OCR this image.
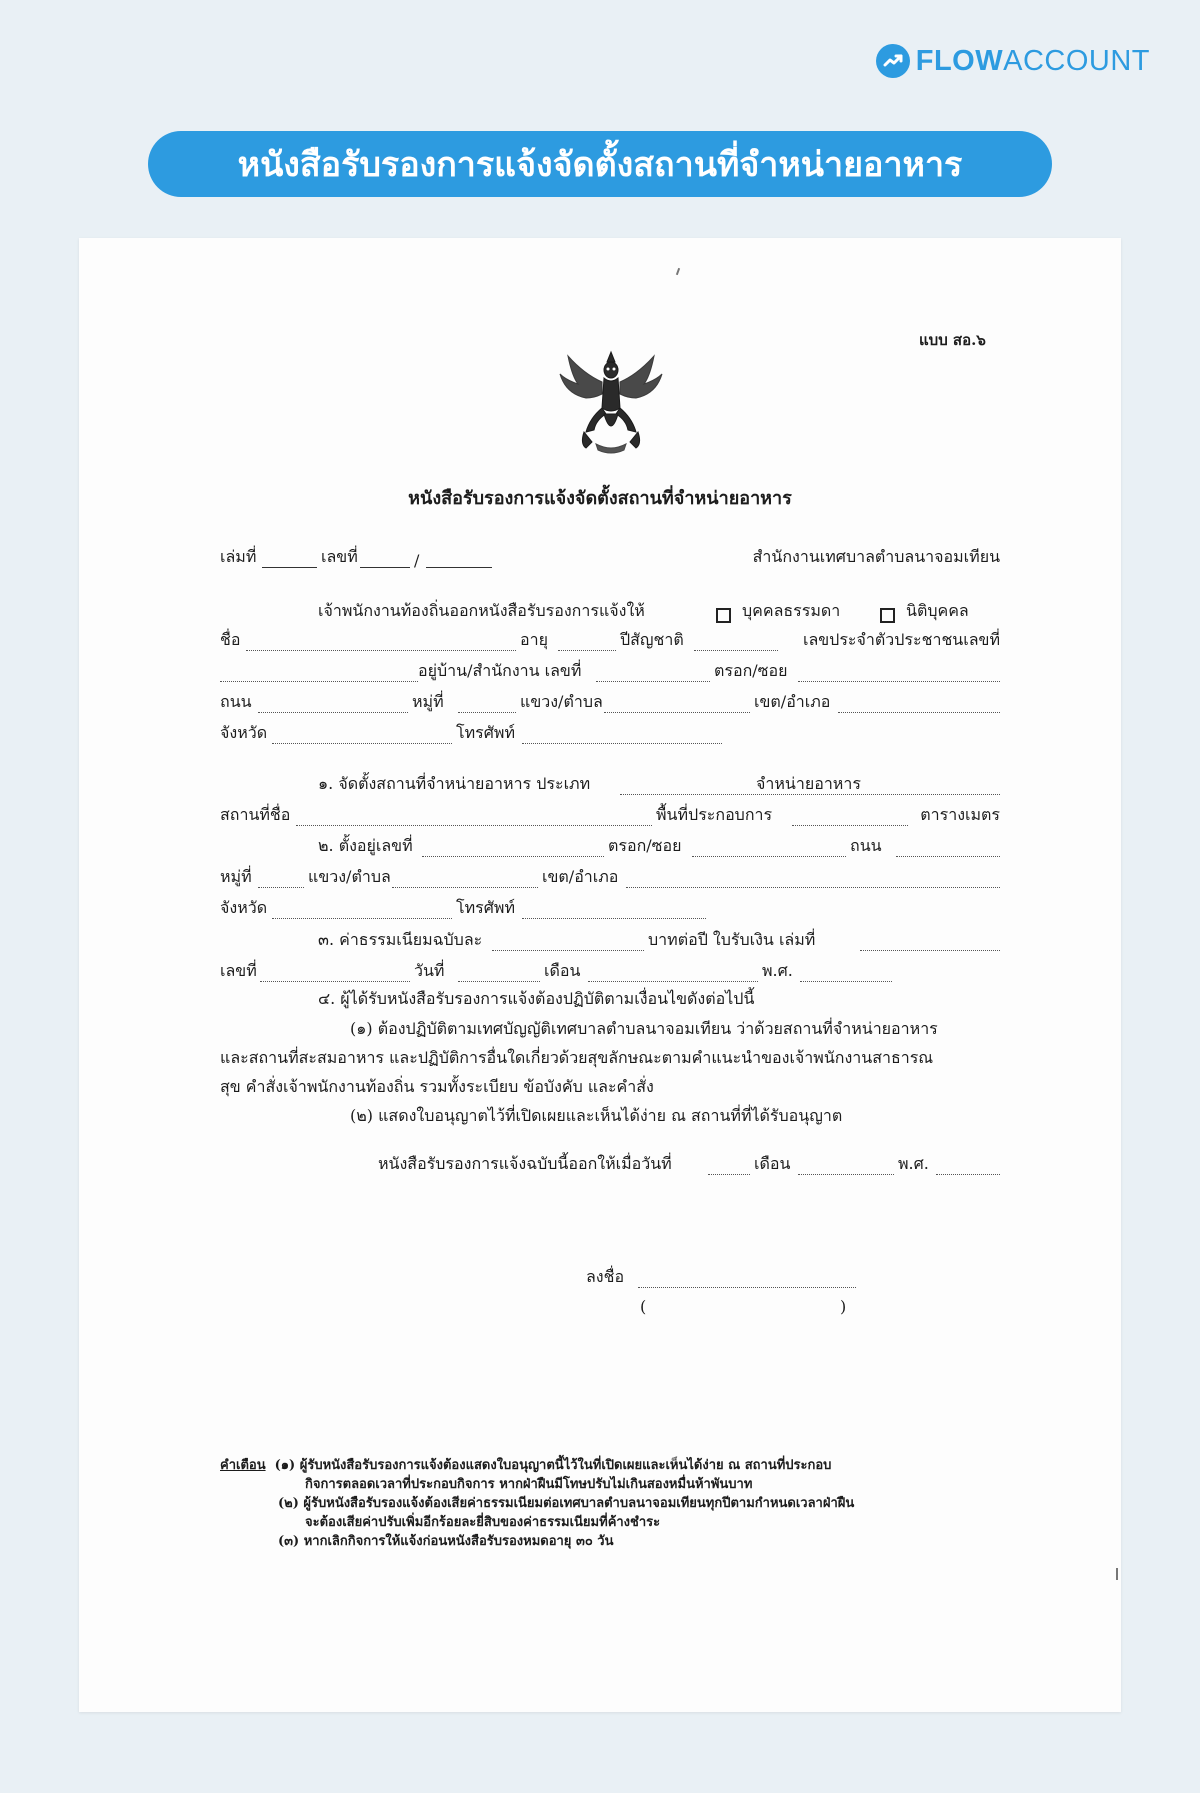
FLOWACCOUNT
หนังสือรับรองการแจ้งจัดตั้งสถานที่จำหน่ายอาหาร
แบบ สอ.๖
หนังสือรับรองการแจ้งจัดตั้งสถานที่จำหน่ายอาหาร
เล่มที่	เลขที่	/	สำนักงานเทศบาลตำบลนาจอมเทียน
เจ้าพนักงานท้องถิ่นออกหนังสือรับรองการแจ้งให้	บุคคลธรรมดา	นิติบุคคล
ชื่อ	อายุ	ปีสัญชาติ	เลขประจำตัวประชาชนเลขที่
อยู่บ้าน/สำนักงาน เลขที่	ตรอก/ซอย
ถนน	หมู่ที่	แขวง/ตำบล	เขต/อำเภอ
จังหวัด	โทรศัพท์
๑. จัดตั้งสถานที่จำหน่ายอาหาร ประเภท	จำหน่ายอาหาร
สถานที่ชื่อ	พื้นที่ประกอบการ	ตารางเมตร
๒. ตั้งอยู่เลขที่	ตรอก/ซอย	ถนน
หมู่ที่	แขวง/ตำบล	เขต/อำเภอ
จังหวัด	โทรศัพท์
๓. ค่าธรรมเนียมฉบับละ	บาทต่อปี ใบรับเงิน เล่มที่
เลขที่	วันที่	เดือน	พ.ศ.
๔. ผู้ได้รับหนังสือรับรองการแจ้งต้องปฏิบัติตามเงื่อนไขดังต่อไปนี้
(๑) ต้องปฏิบัติตามเทศบัญญัติเทศบาลตำบลนาจอมเทียน ว่าด้วยสถานที่จำหน่ายอาหาร
และสถานที่สะสมอาหาร และปฏิบัติการอื่นใดเกี่ยวด้วยสุขลักษณะตามคำแนะนำของเจ้าพนักงานสาธารณ
สุข คำสั่งเจ้าพนักงานท้องถิ่น รวมทั้งระเบียบ ข้อบังคับ และคำสั่ง
(๒) แสดงใบอนุญาตไว้ที่เปิดเผยและเห็นได้ง่าย ณ สถานที่ที่ได้รับอนุญาต
หนังสือรับรองการแจ้งฉบับนี้ออกให้เมื่อวันที่	เดือน	พ.ศ.
ลงชื่อ
(	)
คำเตือน (๑) ผู้รับหนังสือรับรองการแจ้งต้องแสดงใบอนุญาตนี้ไว้ในที่เปิดเผยและเห็นได้ง่าย ณ สถานที่ประกอบ
กิจการตลอดเวลาที่ประกอบกิจการ หากฝ่าฝืนมีโทษปรับไม่เกินสองหมื่นห้าพันบาท
(๒) ผู้รับหนังสือรับรองแจ้งต้องเสียค่าธรรมเนียมต่อเทศบาลตำบลนาจอมเทียนทุกปีตามกำหนดเวลาฝ่าฝืน
จะต้องเสียค่าปรับเพิ่มอีกร้อยละยี่สิบของค่าธรรมเนียมที่ค้างชำระ
(๓) หากเลิกกิจการให้แจ้งก่อนหนังสือรับรองหมดอายุ ๓๐ วัน
